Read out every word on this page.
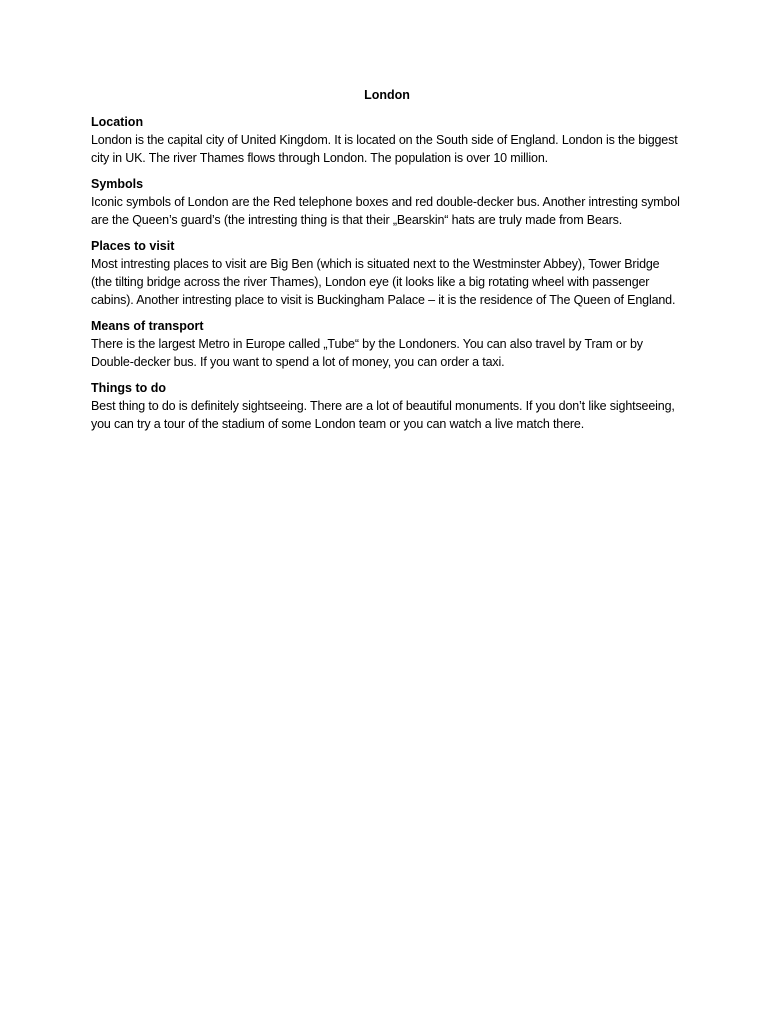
London

Location

London is the capital city of United Kingdom. It is located on the South side of England. London is the biggest city in UK. The river Thames flows through London. The population is over 10 million.

Symbols

Iconic symbols of London are the Red telephone boxes and red double-decker bus. Another intresting symbol are the Queen’s guard’s (the intresting thing is that their „Bearskin“ hats are truly made from Bears.

Places to visit

Most intresting places to visit are Big Ben (which is situated next to the Westminster Abbey), Tower Bridge (the tilting bridge across the river Thames), London eye (it looks like a big rotating wheel with passenger cabins). Another intresting place to visit is Buckingham Palace – it is the residence of The Queen of England.

Means of transport

There is the largest Metro in Europe called „Tube“ by the Londoners. You can also travel by Tram or by Double-decker bus. If you want to spend a lot of money, you can order a taxi.

Things to do

Best thing to do is definitely sightseeing. There are a lot of beautiful monuments. If you don’t like sightseeing, you can try a tour of the stadium of some London team or you can watch a live match there.
